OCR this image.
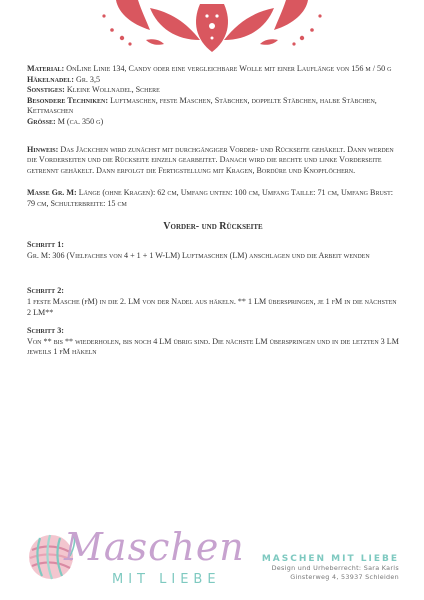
Material: OnLine Linie 134, Candy oder eine vergleichbare Wolle mit einer Lauflänge von 156 m / 50 g

Häkelnadel: Gr. 3,5

Sonstiges: Kleine Wollnadel, Schere

Besondere Techniken: Luftmaschen, feste Maschen, Stäbchen, doppelte Stäbchen, halbe Stäbchen, Kettmaschen

Grösse: M (ca. 350 g)

Hinweis: Das Jäckchen wird zunächst mit durchgängiger Vorder- und Rückseite gehäkelt. Dann werden die Vorderseiten und die Rückseite einzeln gearbeitet. Danach wird die rechte und linke Vorderseite getrennt gehäkelt. Dann erfolgt die Fertigstellung mit Kragen, Bordüre und Knopflöchern.

Masse Gr. M: Länge (ohne Kragen): 62 cm, Umfang unten: 100 cm, Umfang Taille: 71 cm, Umfang Brust: 79 cm, Schulterbreite: 15 cm

Vorder- und Rückseite

Schritt 1:

Gr. M: 306 (Vielfaches von 4 + 1 + 1 W-LM) Luftmaschen (LM) anschlagen und die Arbeit wenden

Schritt 2:

1 feste Masche (fM) in die 2. LM von der Nadel aus häkeln. ** 1 LM überspringen, je 1 fM in die nächsten 2 LM**

Schritt 3:

Von ** bis ** wiederholen, bis noch 4 LM übrig sind. Die nächste LM überspringen und in die letzten 3 LM jeweils 1 fM häkeln

Maschen
MIT LIEBE
MASCHEN MIT LIEBE
Design und Urheberrecht: Sara Karls
Ginsterweg 4, 53937 Schleiden
